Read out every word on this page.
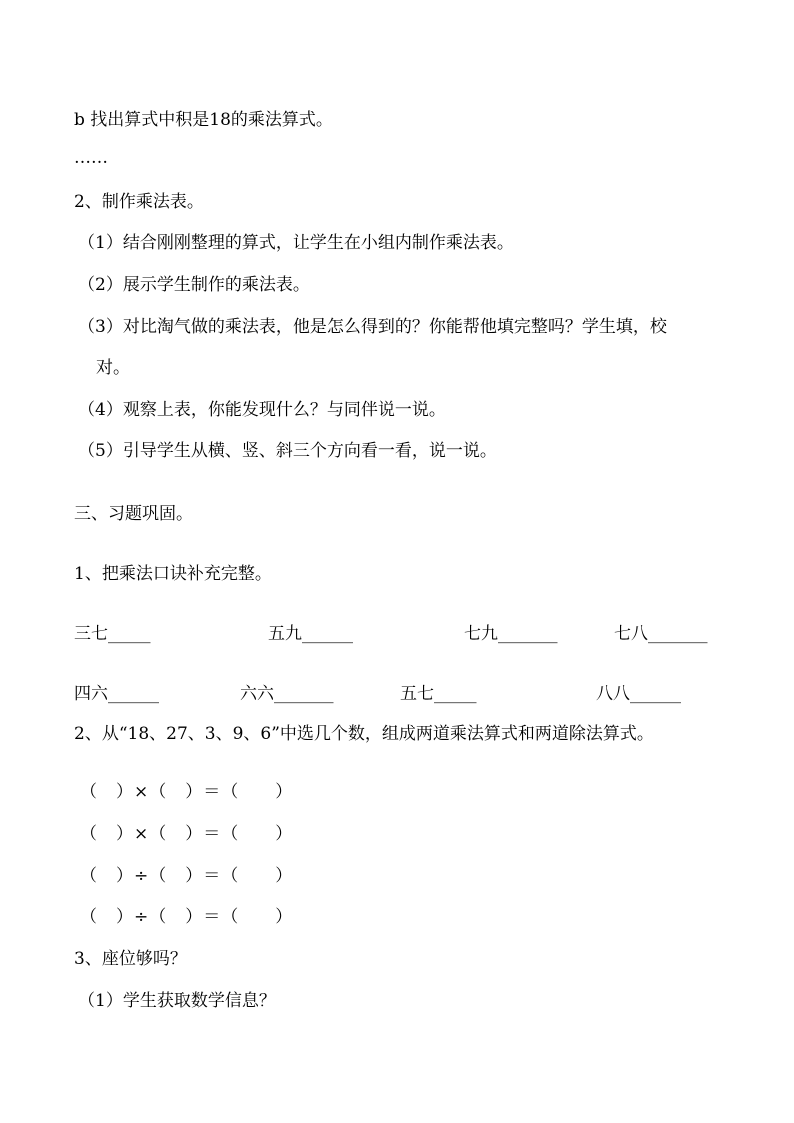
b 找出算式中积是18的乘法算式。
……
2、制作乘法表。
（1）结合刚刚整理的算式，让学生在小组内制作乘法表。
（2）展示学生制作的乘法表。
（3）对比淘气做的乘法表，他是怎么得到的？你能帮他填完整吗？学生填，校
对。
（4）观察上表，你能发现什么？与同伴说一说。
（5）引导学生从横、竖、斜三个方向看一看，说一说。
三、习题巩固。
1、把乘法口诀补充完整。
三七_____	五九______	七九_______	七八_______
四六______	六六_______	五七_____	八八______
2、从“18、27、3、9、6”中选几个数，组成两道乘法算式和两道除法算式。
（　）×（　）＝（　　）
（　）×（　）＝（　　）
（　）÷（　）＝（　　）
（　）÷（　）＝（　　）
3、座位够吗？
（1）学生获取数学信息？
